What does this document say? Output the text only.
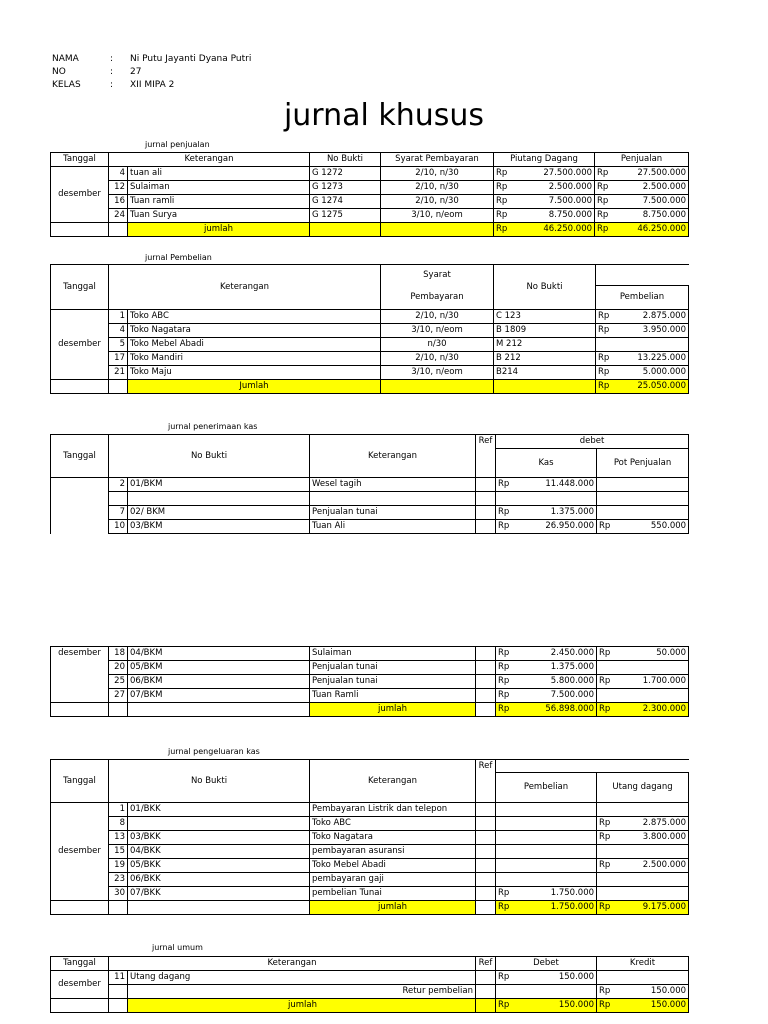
NAMA	: Ni Putu Jayanti Dyana Putri
NO	: 27
KELAS	: XII MIPA 2
jurnal khusus
jurnal penjualan
Tanggal	Keterangan		No Bukti	Syarat Pembayaran	Piutang Dagang		Penjualan	
desember	4	tuan ali	G 1272	2/10, n/30	Rp	27.500.000	Rp	27.500.000
	12	Sulaiman	G 1273	2/10, n/30	Rp	2.500.000	Rp	2.500.000
	16	Tuan ramli	G 1274	2/10, n/30	Rp	7.500.000	Rp	7.500.000
	24	Tuan Surya	G 1275	3/10, n/eom	Rp	8.750.000	Rp	8.750.000
		jumlah			Rp	46.250.000	Rp	46.250.000
jurnal Pembelian
Tanggal	Keterangan		Syarat	No Bukti		
			Pembayaran		Pembelian	
desember	1	Toko ABC	2/10, n/30	C 123	Rp	2.875.000
	4	Toko Nagatara	3/10, n/eom	B 1809	Rp	3.950.000
	5	Toko Mebel Abadi	n/30	M 212		
	17	Toko Mandiri	2/10, n/30	B 212	Rp	13.225.000
	21	Toko Maju	3/10, n/eom	B214	Rp	5.000.000
		Jumlah			Rp	25.050.000
jurnal penerimaan kas
Tanggal	No Bukti		Keterangan	Ref	debet			
					Kas		Pot Penjualan	
	2	01/BKM	Wesel tagih		Rp	11.448.000		

	7	02/ BKM	Penjualan tunai		Rp	1.375.000		
	10	03/BKM	Tuan Ali		Rp	26.950.000	Rp	550.000
desember	18	04/BKM	Sulaiman		Rp	2.450.000	Rp	50.000
	20	05/BKM	Penjualan tunai		Rp	1.375.000		
	25	06/BKM	Penjualan tunai		Rp	5.800.000	Rp	1.700.000
	27	07/BKM	Tuan Ramli		Rp	7.500.000		
			jumlah		Rp	56.898.000	Rp	2.300.000
jurnal pengeluaran kas
Tanggal	No Bukti		Keterangan	Ref				
					Pembelian		Utang dagang	
desember	1	01/BKK	Pembayaran Listrik dan telepon					
	8		Toko ABC				Rp	2.875.000
	13	03/BKK	Toko Nagatara				Rp	3.800.000
	15	04/BKK	pembayaran asuransi					
	19	05/BKK	Toko Mebel Abadi				Rp	2.500.000
	23	06/BKK	pembayaran gaji					
	30	07/BKK	pembelian Tunai		Rp	1.750.000		
			jumlah		Rp	1.750.000	Rp	9.175.000
jurnal umum
Tanggal	Keterangan		Ref	Debet		Kredit	
desember	11	Utang dagang		Rp	150.000		
		Retur pembelian				Rp	150.000
		jumlah		Rp	150.000	Rp	150.000
